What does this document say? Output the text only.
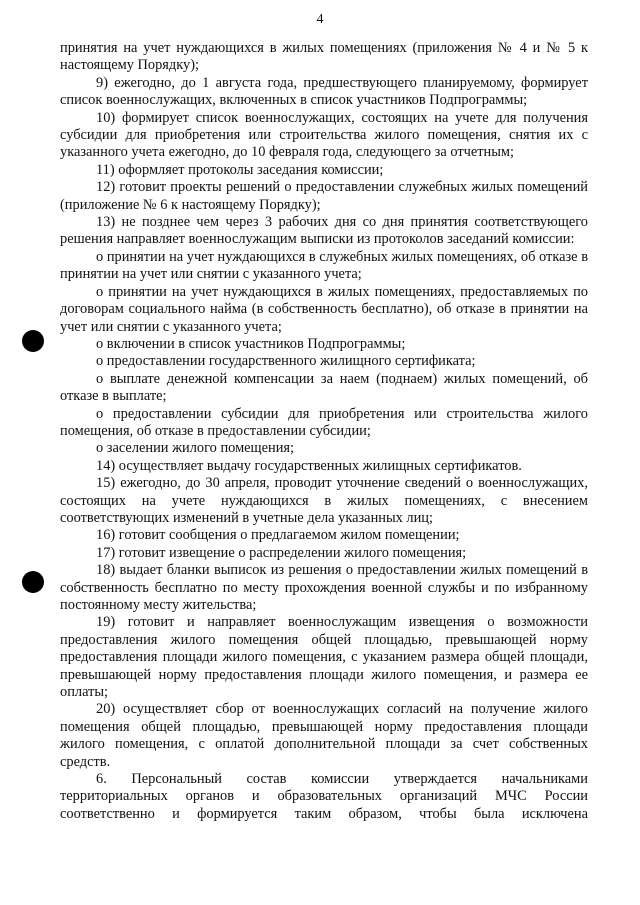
4

принятия на учет нуждающихся в жилых помещениях (приложения № 4 и № 5 к настоящему Порядку);

9) ежегодно, до 1 августа года, предшествующего планируемому, формирует список военнослужащих, включенных в список участников Подпрограммы;

10) формирует список военнослужащих, состоящих на учете для получения субсидии для приобретения или строительства жилого помещения, снятия их с указанного учета ежегодно, до 10 февраля года, следующего за отчетным;

11) оформляет протоколы заседания комиссии;

12) готовит проекты решений о предоставлении служебных жилых помещений (приложение № 6 к настоящему Порядку);

13) не позднее чем через 3 рабочих дня со дня принятия соответствующего решения направляет военнослужащим выписки из протоколов заседаний комиссии:

о принятии на учет нуждающихся в служебных жилых помещениях, об отказе в принятии на учет или снятии с указанного учета;

о принятии на учет нуждающихся в жилых помещениях, предоставляемых по договорам социального найма (в собственность бесплатно), об отказе в принятии на учет или снятии с указанного учета;

о включении в список участников Подпрограммы;

о предоставлении государственного жилищного сертификата;

о выплате денежной компенсации за наем (поднаем) жилых помещений, об отказе в выплате;

о предоставлении субсидии для приобретения или строительства жилого помещения, об отказе в предоставлении субсидии;

о заселении жилого помещения;

14) осуществляет выдачу государственных жилищных сертификатов.

15) ежегодно, до 30 апреля, проводит уточнение сведений о военнослужащих, состоящих на учете нуждающихся в жилых помещениях, с внесением соответствующих изменений в учетные дела указанных лиц;

16) готовит сообщения о предлагаемом жилом помещении;

17) готовит извещение о распределении жилого помещения;

18) выдает бланки выписок из решения о предоставлении жилых помещений в собственность бесплатно по месту прохождения военной службы и по избранному постоянному месту жительства;

19) готовит и направляет военнослужащим извещения о возможности предоставления жилого помещения общей площадью, превышающей норму предоставления площади жилого помещения, с указанием размера общей площади, превышающей норму предоставления площади жилого помещения, и размера ее оплаты;

20) осуществляет сбор от военнослужащих согласий на получение жилого помещения общей площадью, превышающей норму предоставления площади жилого помещения, с оплатой дополнительной площади за счет собственных средств.

6. Персональный состав комиссии утверждается начальниками территориальных органов и образовательных организаций МЧС России соответственно и формируется таким образом, чтобы была исключена
